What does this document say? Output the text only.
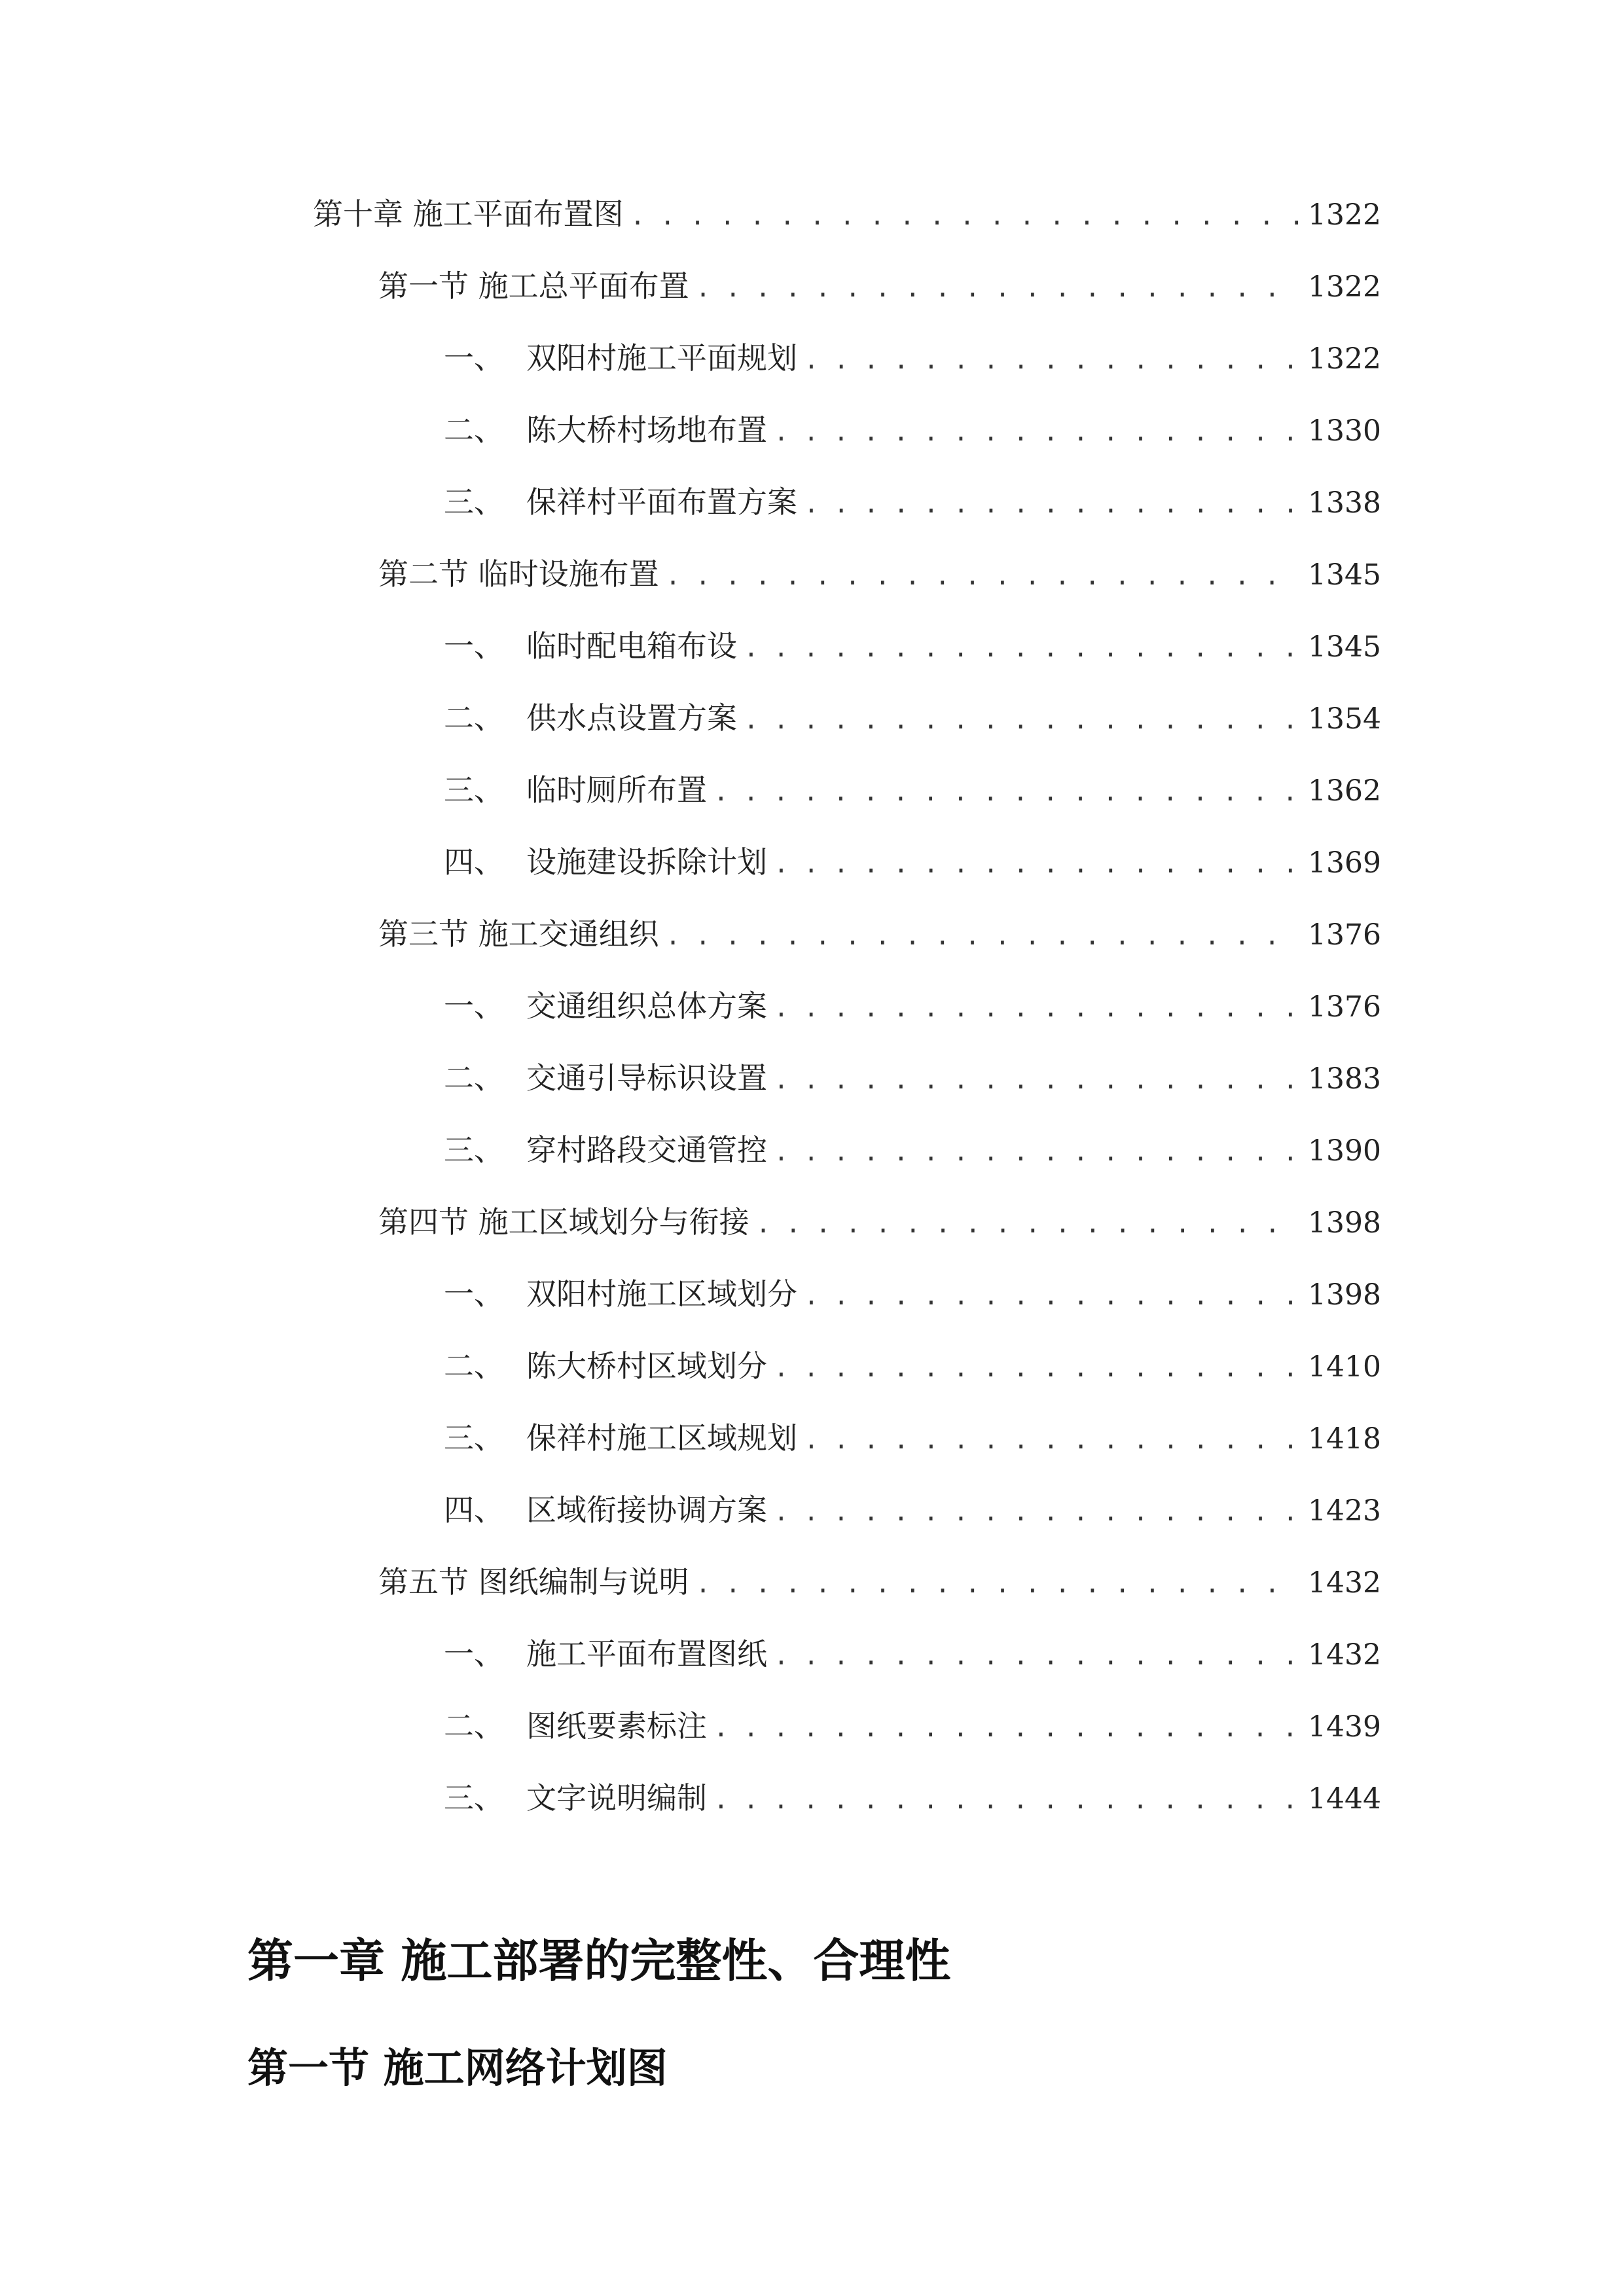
第十章 施工平面布置图 . . .	1322
第一节 施工总平面布置 . . .	1322
一、 双阳村施工平面规划 . . .	1322
二、 陈大桥村场地布置 . . .	1330
三、 保祥村平面布置方案 . . .	1338
第二节 临时设施布置 . . .	1345
一、 临时配电箱布设 . . .	1345
二、 供水点设置方案 . . .	1354
三、 临时厕所布置 . . .	1362
四、 设施建设拆除计划 . . .	1369
第三节 施工交通组织 . . .	1376
一、 交通组织总体方案 . . .	1376
二、 交通引导标识设置 . . .	1383
三、 穿村路段交通管控 . . .	1390
第四节 施工区域划分与衔接 . . .	1398
一、 双阳村施工区域划分 . . .	1398
二、 陈大桥村区域划分 . . .	1410
三、 保祥村施工区域规划 . . .	1418
四、 区域衔接协调方案 . . .	1423
第五节 图纸编制与说明 . . .	1432
一、 施工平面布置图纸 . . .	1432
二、 图纸要素标注 . . .	1439
三、 文字说明编制 . . .	1444
第一章 施工部署的完整性、合理性
第一节 施工网络计划图
